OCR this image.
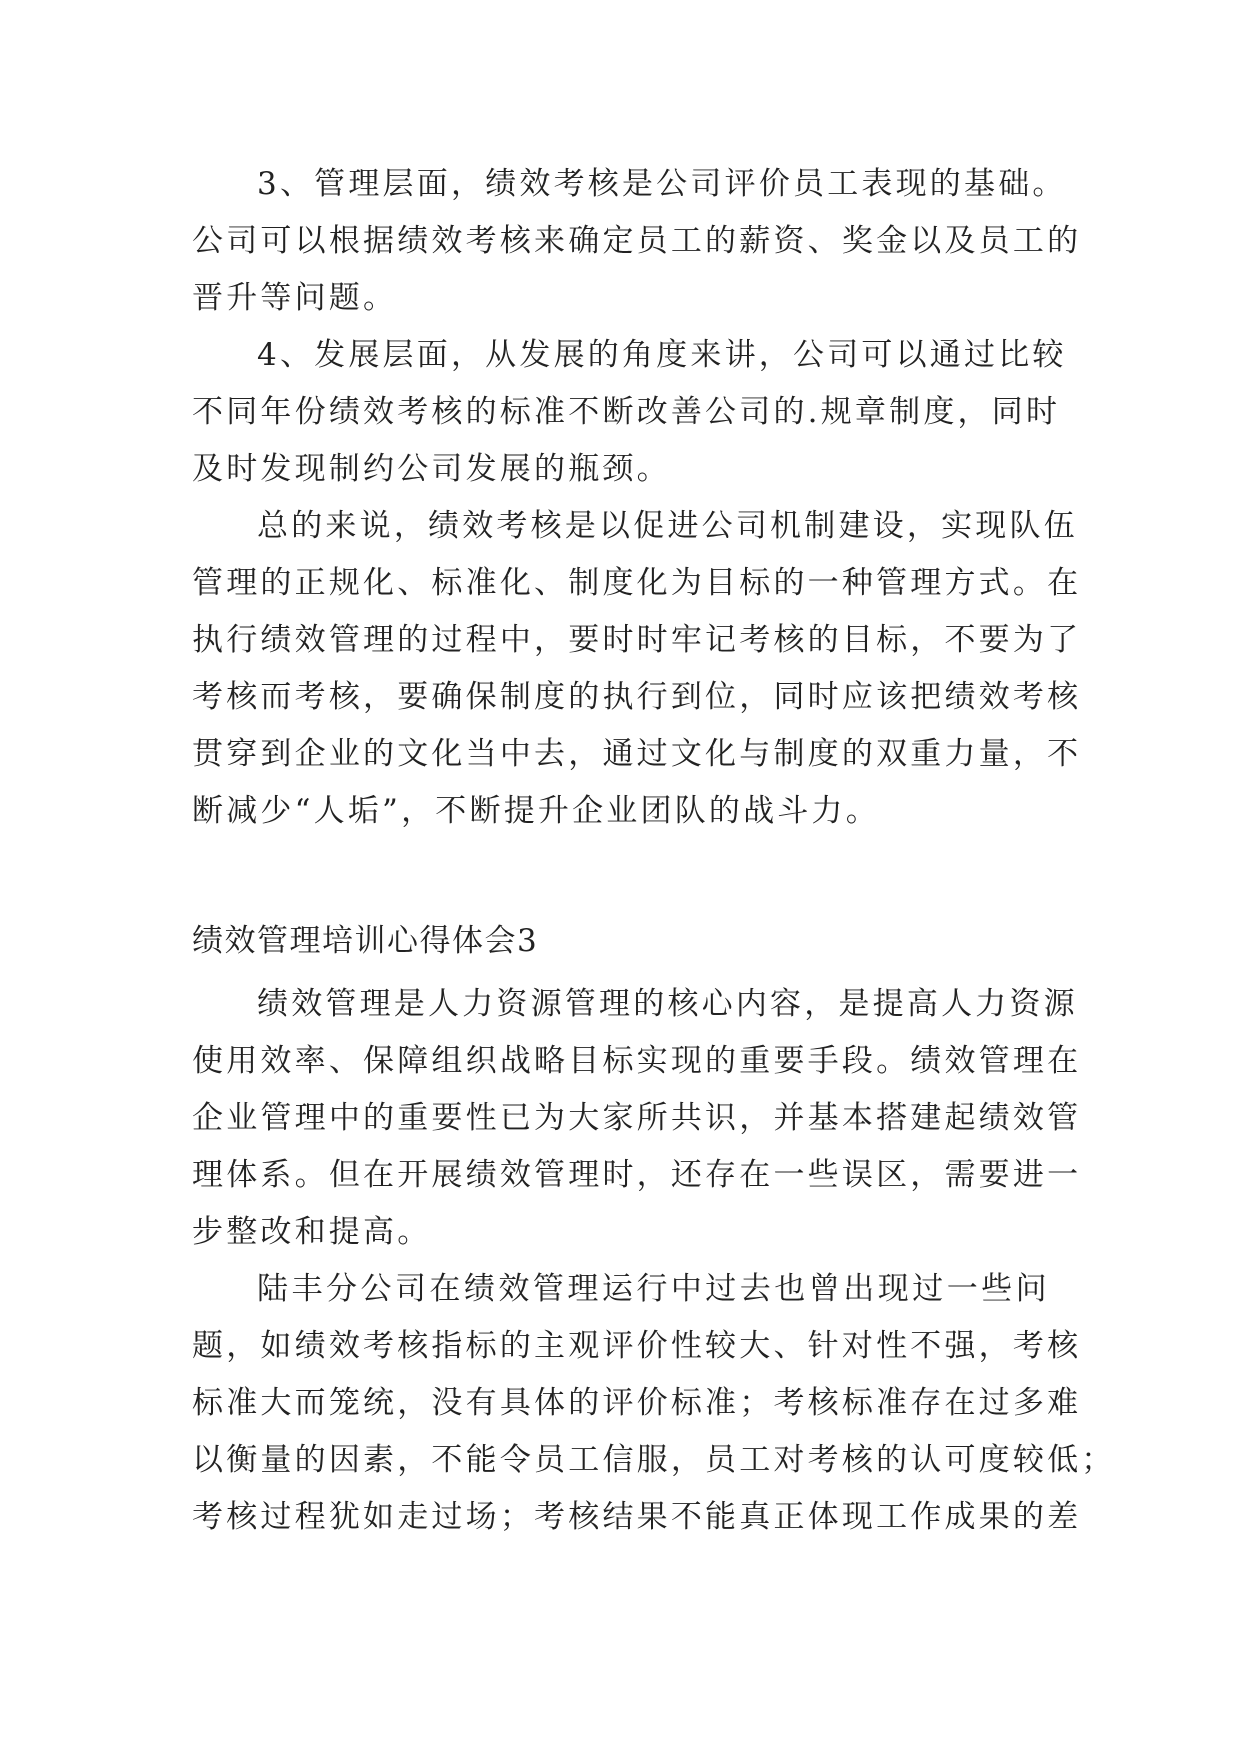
3 、 管 理 层 面 ， 绩 效 考 核 是 公 司 评 价 员 工 表 现 的 基 础 。
公 司 可 以 根 据 绩 效 考 核 来 确 定 员 工 的 薪 资 、 奖 金 以 及 员 工 的
晋升等问题。
4 、 发 展 层 面 ， 从 发 展 的 角 度 来 讲 ， 公 司 可 以 通 过 比 较
不 同 年 份 绩 效 考 核 的 标 准 不 断 改 善 公 司 的 . 规 章 制 度 ， 同 时
及时发现制约公司发展的瓶颈。
总 的 来 说 ， 绩 效 考 核 是 以 促 进 公 司 机 制 建 设 ， 实 现 队 伍
管 理 的 正 规 化 、 标 准 化 、 制 度 化 为 目 标 的 一 种 管 理 方 式 。 在
执 行 绩 效 管 理 的 过 程 中 ， 要 时 时 牢 记 考 核 的 目 标 ， 不 要 为 了
考 核 而 考 核 ， 要 确 保 制 度 的 执 行 到 位 ， 同 时 应 该 把 绩 效 考 核
贯 穿 到 企 业 的 文 化 当 中 去 ， 通 过 文 化 与 制 度 的 双 重 力 量 ， 不
断减少“人垢”，不断提升企业团队的战斗力。
绩效管理培训心得体会3
绩 效 管 理 是 人 力 资 源 管 理 的 核 心 内 容 ， 是 提 高 人 力 资 源
使 用 效 率 、 保 障 组 织 战 略 目 标 实 现 的 重 要 手 段 。 绩 效 管 理 在
企 业 管 理 中 的 重 要 性 已 为 大 家 所 共 识 ， 并 基 本 搭 建 起 绩 效 管
理 体 系 。 但 在 开 展 绩 效 管 理 时 ， 还 存 在 一 些 误 区 ， 需 要 进 一
步整改和提高。
陆 丰 分 公 司 在 绩 效 管 理 运 行 中 过 去 也 曾 出 现 过 一 些 问
题 ， 如 绩 效 考 核 指 标 的 主 观 评 价 性 较 大 、 针 对 性 不 强 ， 考 核
标 准 大 而 笼 统 ， 没 有 具 体 的 评 价 标 准 ； 考 核 标 准 存 在 过 多 难
以 衡 量 的 因 素 ， 不 能 令 员 工 信 服 ， 员 工 对 考 核 的 认 可 度 较 低 ；
考 核 过 程 犹 如 走 过 场 ； 考 核 结 果 不 能 真 正 体 现 工 作 成 果 的 差
